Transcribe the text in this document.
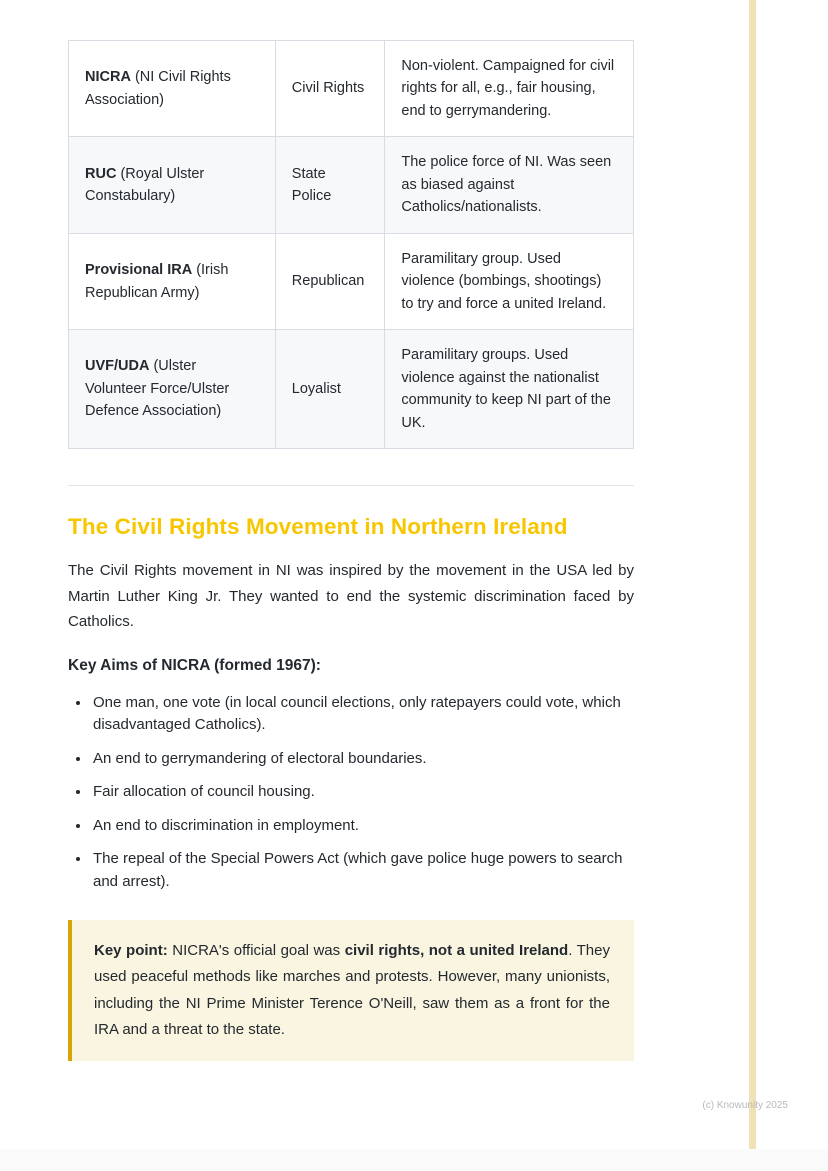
NICRA (NI Civil Rights Association)	Civil Rights	Non-violent. Campaigned for civil rights for all, e.g., fair housing, end to gerrymandering.
RUC (Royal Ulster Constabulary)	State Police	The police force of NI. Was seen as biased against Catholics/nationalists.
Provisional IRA (Irish Republican Army)	Republican	Paramilitary group. Used violence (bombings, shootings) to try and force a united Ireland.
UVF/UDA (Ulster Volunteer Force/Ulster Defence Association)	Loyalist	Paramilitary groups. Used violence against the nationalist community to keep NI part of the UK.
The Civil Rights Movement in Northern Ireland

The Civil Rights movement in NI was inspired by the movement in the USA led by Martin Luther King Jr. They wanted to end the systemic discrimination faced by Catholics.

Key Aims of NICRA (formed 1967):
• One man, one vote (in local council elections, only ratepayers could vote, which disadvantaged Catholics).
• An end to gerrymandering of electoral boundaries.
• Fair allocation of council housing.
• An end to discrimination in employment.
• The repeal of the Special Powers Act (which gave police huge powers to search and arrest).
Key point: NICRA's official goal was civil rights, not a united Ireland. They used peaceful methods like marches and protests. However, many unionists, including the NI Prime Minister Terence O'Neill, saw them as a front for the IRA and a threat to the state.
(c) Knowunity 2025
